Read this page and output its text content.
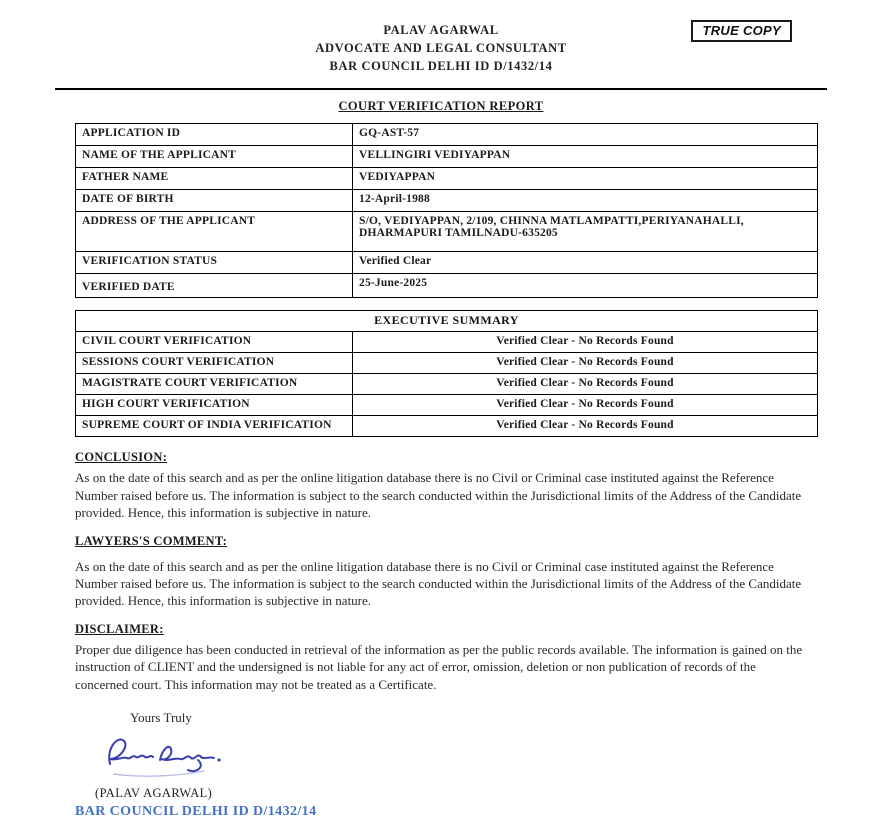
TRUE COPY
PALAV AGARWAL
ADVOCATE AND LEGAL CONSULTANT
BAR COUNCIL DELHI ID D/1432/14
COURT VERIFICATION REPORT
APPLICATION ID	GQ-AST-57
NAME OF THE APPLICANT	VELLINGIRI VEDIYAPPAN
FATHER NAME	VEDIYAPPAN
DATE OF BIRTH	12-April-1988
ADDRESS OF THE APPLICANT	S/O, VEDIYAPPAN, 2/109, CHINNA MATLAMPATTI,PERIYANAHALLI, DHARMAPURI TAMILNADU-635205
VERIFICATION STATUS	Verified Clear
VERIFIED DATE	25-June-2025
EXECUTIVE SUMMARY	
CIVIL COURT VERIFICATION	Verified Clear - No Records Found
SESSIONS COURT VERIFICATION	Verified Clear - No Records Found
MAGISTRATE COURT VERIFICATION	Verified Clear - No Records Found
HIGH COURT VERIFICATION	Verified Clear - No Records Found
SUPREME COURT OF INDIA VERIFICATION	Verified Clear - No Records Found
CONCLUSION:

As on the date of this search and as per the online litigation database there is no Civil or Criminal case instituted against the Reference Number raised before us. The information is subject to the search conducted within the Jurisdictional limits of the Address of the Candidate provided. Hence, this information is subjective in nature.

LAWYERS'S COMMENT:

As on the date of this search and as per the online litigation database there is no Civil or Criminal case instituted against the Reference Number raised before us. The information is subject to the search conducted within the Jurisdictional limits of the Address of the Candidate provided. Hence, this information is subjective in nature.

DISCLAIMER:

Proper due diligence has been conducted in retrieval of the information as per the public records available. The information is gained on the instruction of CLIENT and the undersigned is not liable for any act of error, omission, deletion or non publication of records of the concerned court. This information may not be treated as a Certificate.

Yours Truly
(PALAV AGARWAL)
BAR COUNCIL DELHI ID D/1432/14
